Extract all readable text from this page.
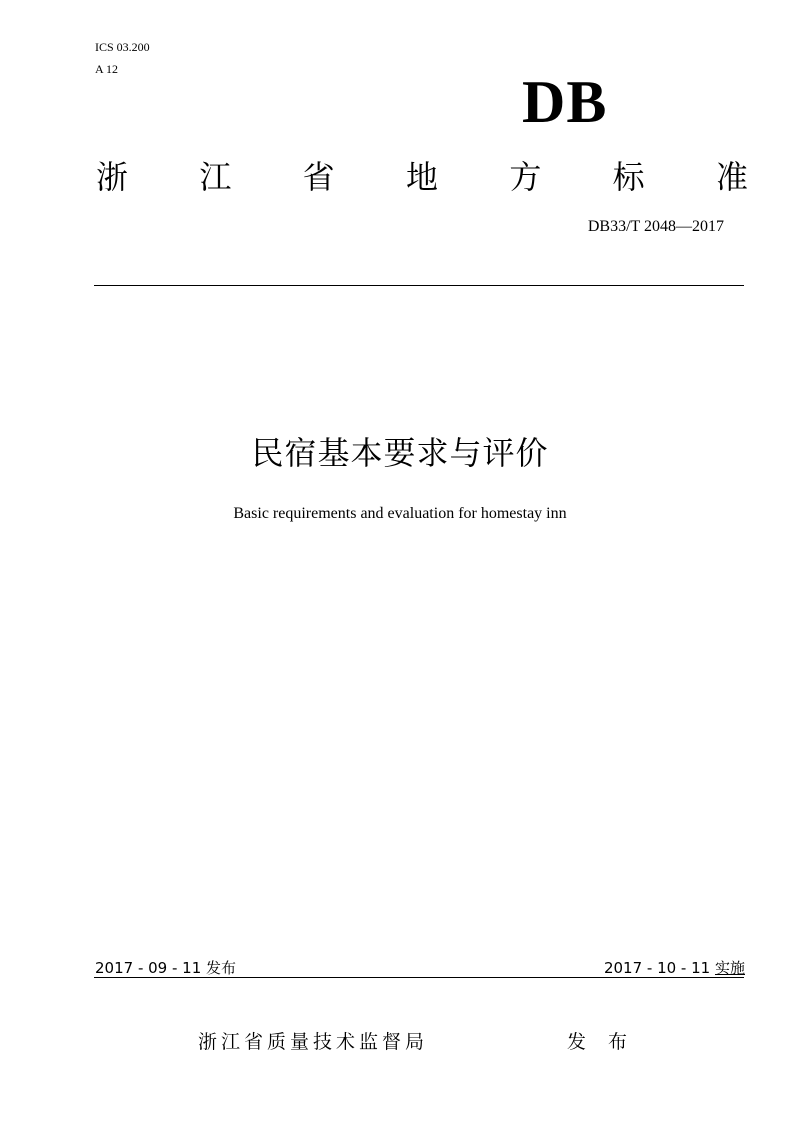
ICS 03.200
A 12	DB
浙 江 省 地 方 标 准
DB33/T 2048—2017
民宿基本要求与评价
Basic requirements and evaluation for homestay inn
2017 - 09 - 11 发布	2017 - 10 - 11 实施
浙江省质量技术监督局	发 布
